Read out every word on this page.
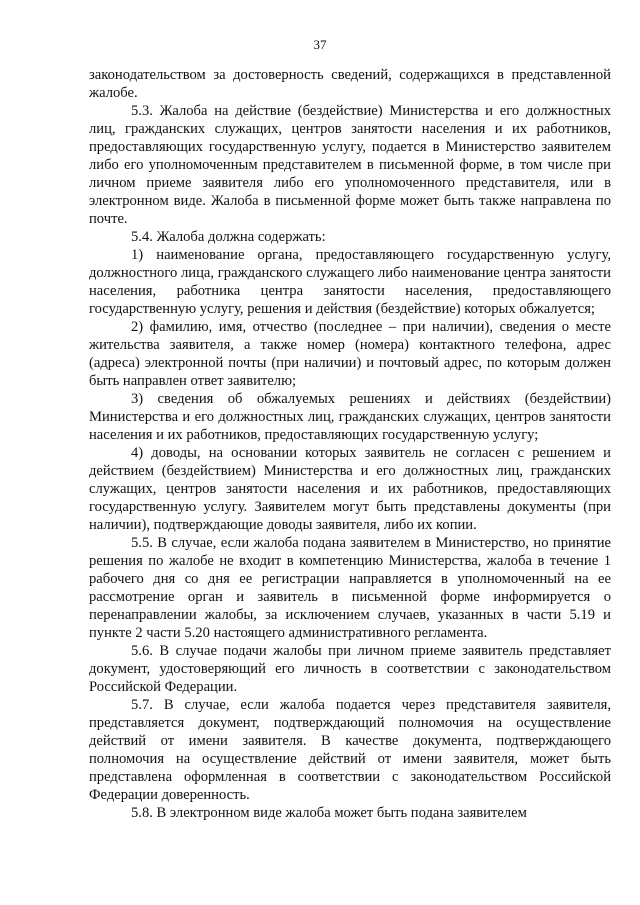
37

законодательством за достоверность сведений, содержащихся в представленной жалобе.

5.3. Жалоба на действие (бездействие) Министерства и его должностных лиц, гражданских служащих, центров занятости населения и их работников, предоставляющих государственную услугу, подается в Министерство заявителем либо его уполномоченным представителем в письменной форме, в том числе при личном приеме заявителя либо его уполномоченного представителя, или в электронном виде. Жалоба в письменной форме может быть также направлена по почте.

5.4. Жалоба должна содержать:

1) наименование органа, предоставляющего государственную услугу, должностного лица, гражданского служащего либо наименование центра занятости населения, работника центра занятости населения, предоставляющего государственную услугу, решения и действия (бездействие) которых обжалуется;

2) фамилию, имя, отчество (последнее – при наличии), сведения о месте жительства заявителя, а также номер (номера) контактного телефона, адрес (адреса) электронной почты (при наличии) и почтовый адрес, по которым должен быть направлен ответ заявителю;

3) сведения об обжалуемых решениях и действиях (бездействии) Министерства и его должностных лиц, гражданских служащих, центров занятости населения и их работников, предоставляющих государственную услугу;

4) доводы, на основании которых заявитель не согласен с решением и действием (бездействием) Министерства и его должностных лиц, гражданских служащих, центров занятости населения и их работников, предоставляющих государственную услугу. Заявителем могут быть представлены документы (при наличии), подтверждающие доводы заявителя, либо их копии.

5.5. В случае, если жалоба подана заявителем в Министерство, но принятие решения по жалобе не входит в компетенцию Министерства, жалоба в течение 1 рабочего дня со дня ее регистрации направляется в уполномоченный на ее рассмотрение орган и заявитель в письменной форме информируется о перенаправлении жалобы, за исключением случаев, указанных в части 5.19 и пункте 2 части 5.20 настоящего административного регламента.

5.6. В случае подачи жалобы при личном приеме заявитель представляет документ, удостоверяющий его личность в соответствии с законодательством Российской Федерации.

5.7. В случае, если жалоба подается через представителя заявителя, представляется документ, подтверждающий полномочия на осуществление действий от имени заявителя. В качестве документа, подтверждающего полномочия на осуществление действий от имени заявителя, может быть представлена оформленная в соответствии с законодательством Российской Федерации доверенность.

5.8. В электронном виде жалоба может быть подана заявителем
